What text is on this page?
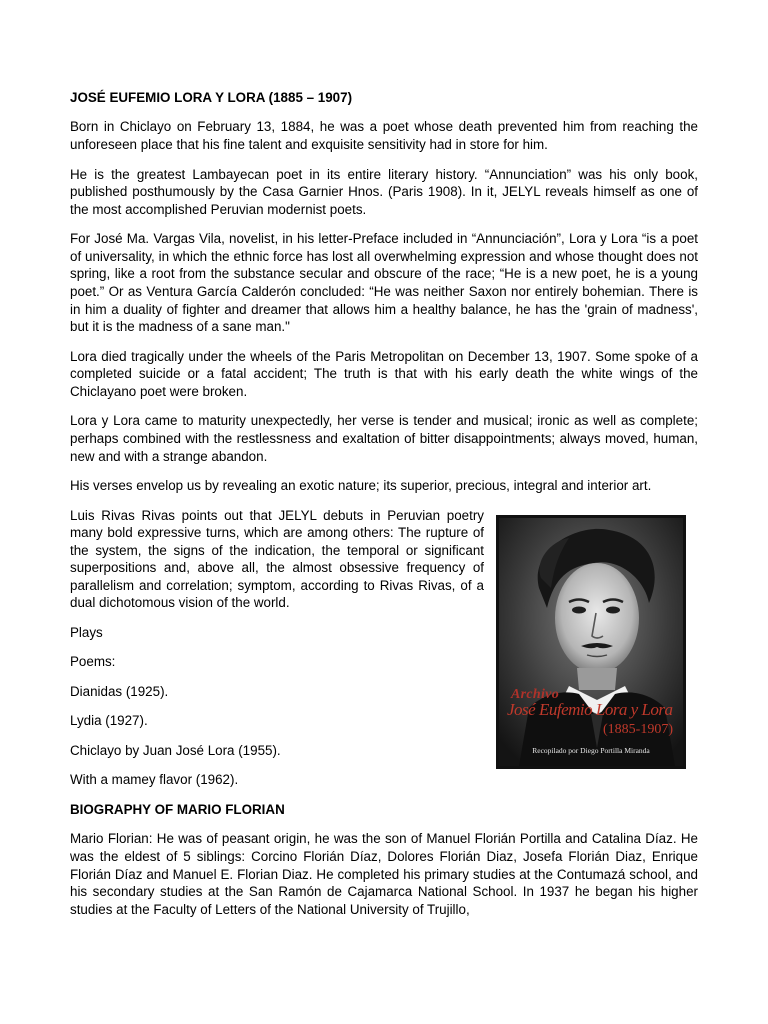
JOSÉ EUFEMIO LORA Y LORA (1885 – 1907)

Born in Chiclayo on February 13, 1884, he was a poet whose death prevented him from reaching the unforeseen place that his fine talent and exquisite sensitivity had in store for him.

He is the greatest Lambayecan poet in its entire literary history. “Annunciation” was his only book, published posthumously by the Casa Garnier Hnos. (Paris 1908). In it, JELYL reveals himself as one of the most accomplished Peruvian modernist poets.

For José Ma. Vargas Vila, novelist, in his letter-Preface included in “Annunciación”, Lora y Lora “is a poet of universality, in which the ethnic force has lost all overwhelming expression and whose thought does not spring, like a root from the substance secular and obscure of the race; “He is a new poet, he is a young poet.” Or as Ventura García Calderón concluded: “He was neither Saxon nor entirely bohemian. There is in him a duality of fighter and dreamer that allows him a healthy balance, he has the 'grain of madness', but it is the madness of a sane man."

Lora died tragically under the wheels of the Paris Metropolitan on December 13, 1907. Some spoke of a completed suicide or a fatal accident; The truth is that with his early death the white wings of the Chiclayano poet were broken.

Lora y Lora came to maturity unexpectedly, her verse is tender and musical; ironic as well as complete; perhaps combined with the restlessness and exaltation of bitter disappointments; always moved, human, new and with a strange abandon.

His verses envelop us by revealing an exotic nature; its superior, precious, integral and interior art.

Archivo
José Eufemio Lora y Lora
(1885-1907)
Recopilado por Diego Portilla Miranda

Luis Rivas Rivas points out that JELYL debuts in Peruvian poetry many bold expressive turns, which are among others: The rupture of the system, the signs of the indication, the temporal or significant superpositions and, above all, the almost obsessive frequency of parallelism and correlation; symptom, according to Rivas Rivas, of a dual dichotomous vision of the world.

Plays

Poems:

Dianidas (1925).

Lydia (1927).

Chiclayo by Juan José Lora (1955).

With a mamey flavor (1962).

BIOGRAPHY OF MARIO FLORIAN

Mario Florian: He was of peasant origin, he was the son of Manuel Florián Portilla and Catalina Díaz. He was the eldest of 5 siblings: Corcino Florián Díaz, Dolores Florián Diaz, Josefa Florián Diaz, Enrique Florián Díaz and Manuel E. Florian Diaz. He completed his primary studies at the Contumazá school, and his secondary studies at the San Ramón de Cajamarca National School. In 1937 he began his higher studies at the Faculty of Letters of the National University of Trujillo,
